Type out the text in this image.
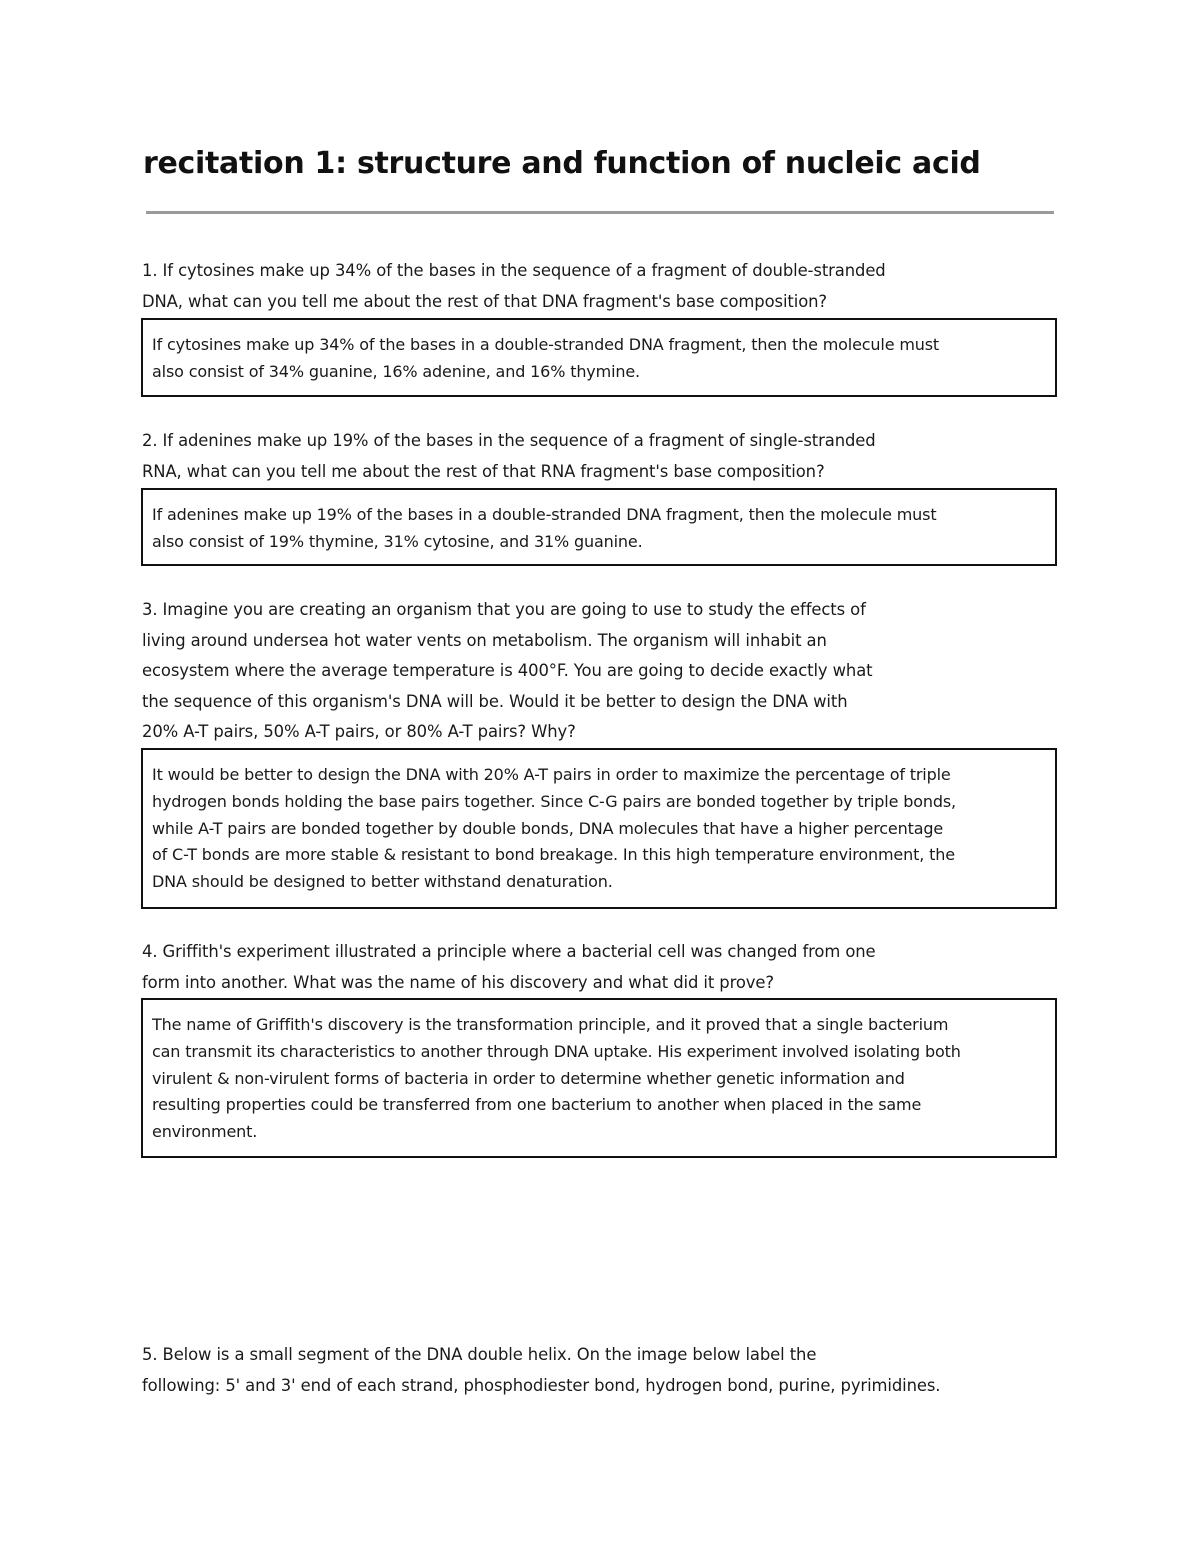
recitation 1: structure and function of nucleic acid

1. If cytosines make up 34% of the bases in the sequence of a fragment of double-stranded
DNA, what can you tell me about the rest of that DNA fragment's base composition?

If cytosines make up 34% of the bases in a double-stranded DNA fragment, then the molecule must
also consist of 34% guanine, 16% adenine, and 16% thymine.

2. If adenines make up 19% of the bases in the sequence of a fragment of single-stranded
RNA, what can you tell me about the rest of that RNA fragment's base composition?

If adenines make up 19% of the bases in a double-stranded DNA fragment, then the molecule must
also consist of 19% thymine, 31% cytosine, and 31% guanine.

3. Imagine you are creating an organism that you are going to use to study the effects of
living around undersea hot water vents on metabolism. The organism will inhabit an
ecosystem where the average temperature is 400°F. You are going to decide exactly what
the sequence of this organism's DNA will be. Would it be better to design the DNA with
20% A-T pairs, 50% A-T pairs, or 80% A-T pairs? Why?

It would be better to design the DNA with 20% A-T pairs in order to maximize the percentage of triple
hydrogen bonds holding the base pairs together. Since C-G pairs are bonded together by triple bonds,
while A-T pairs are bonded together by double bonds, DNA molecules that have a higher percentage
of C-T bonds are more stable & resistant to bond breakage. In this high temperature environment, the
DNA should be designed to better withstand denaturation.

4. Griffith's experiment illustrated a principle where a bacterial cell was changed from one
form into another. What was the name of his discovery and what did it prove?

The name of Griffith's discovery is the transformation principle, and it proved that a single bacterium
can transmit its characteristics to another through DNA uptake. His experiment involved isolating both
virulent & non-virulent forms of bacteria in order to determine whether genetic information and
resulting properties could be transferred from one bacterium to another when placed in the same
environment.

5. Below is a small segment of the DNA double helix. On the image below label the
following: 5' and 3' end of each strand, phosphodiester bond, hydrogen bond, purine, pyrimidines.
